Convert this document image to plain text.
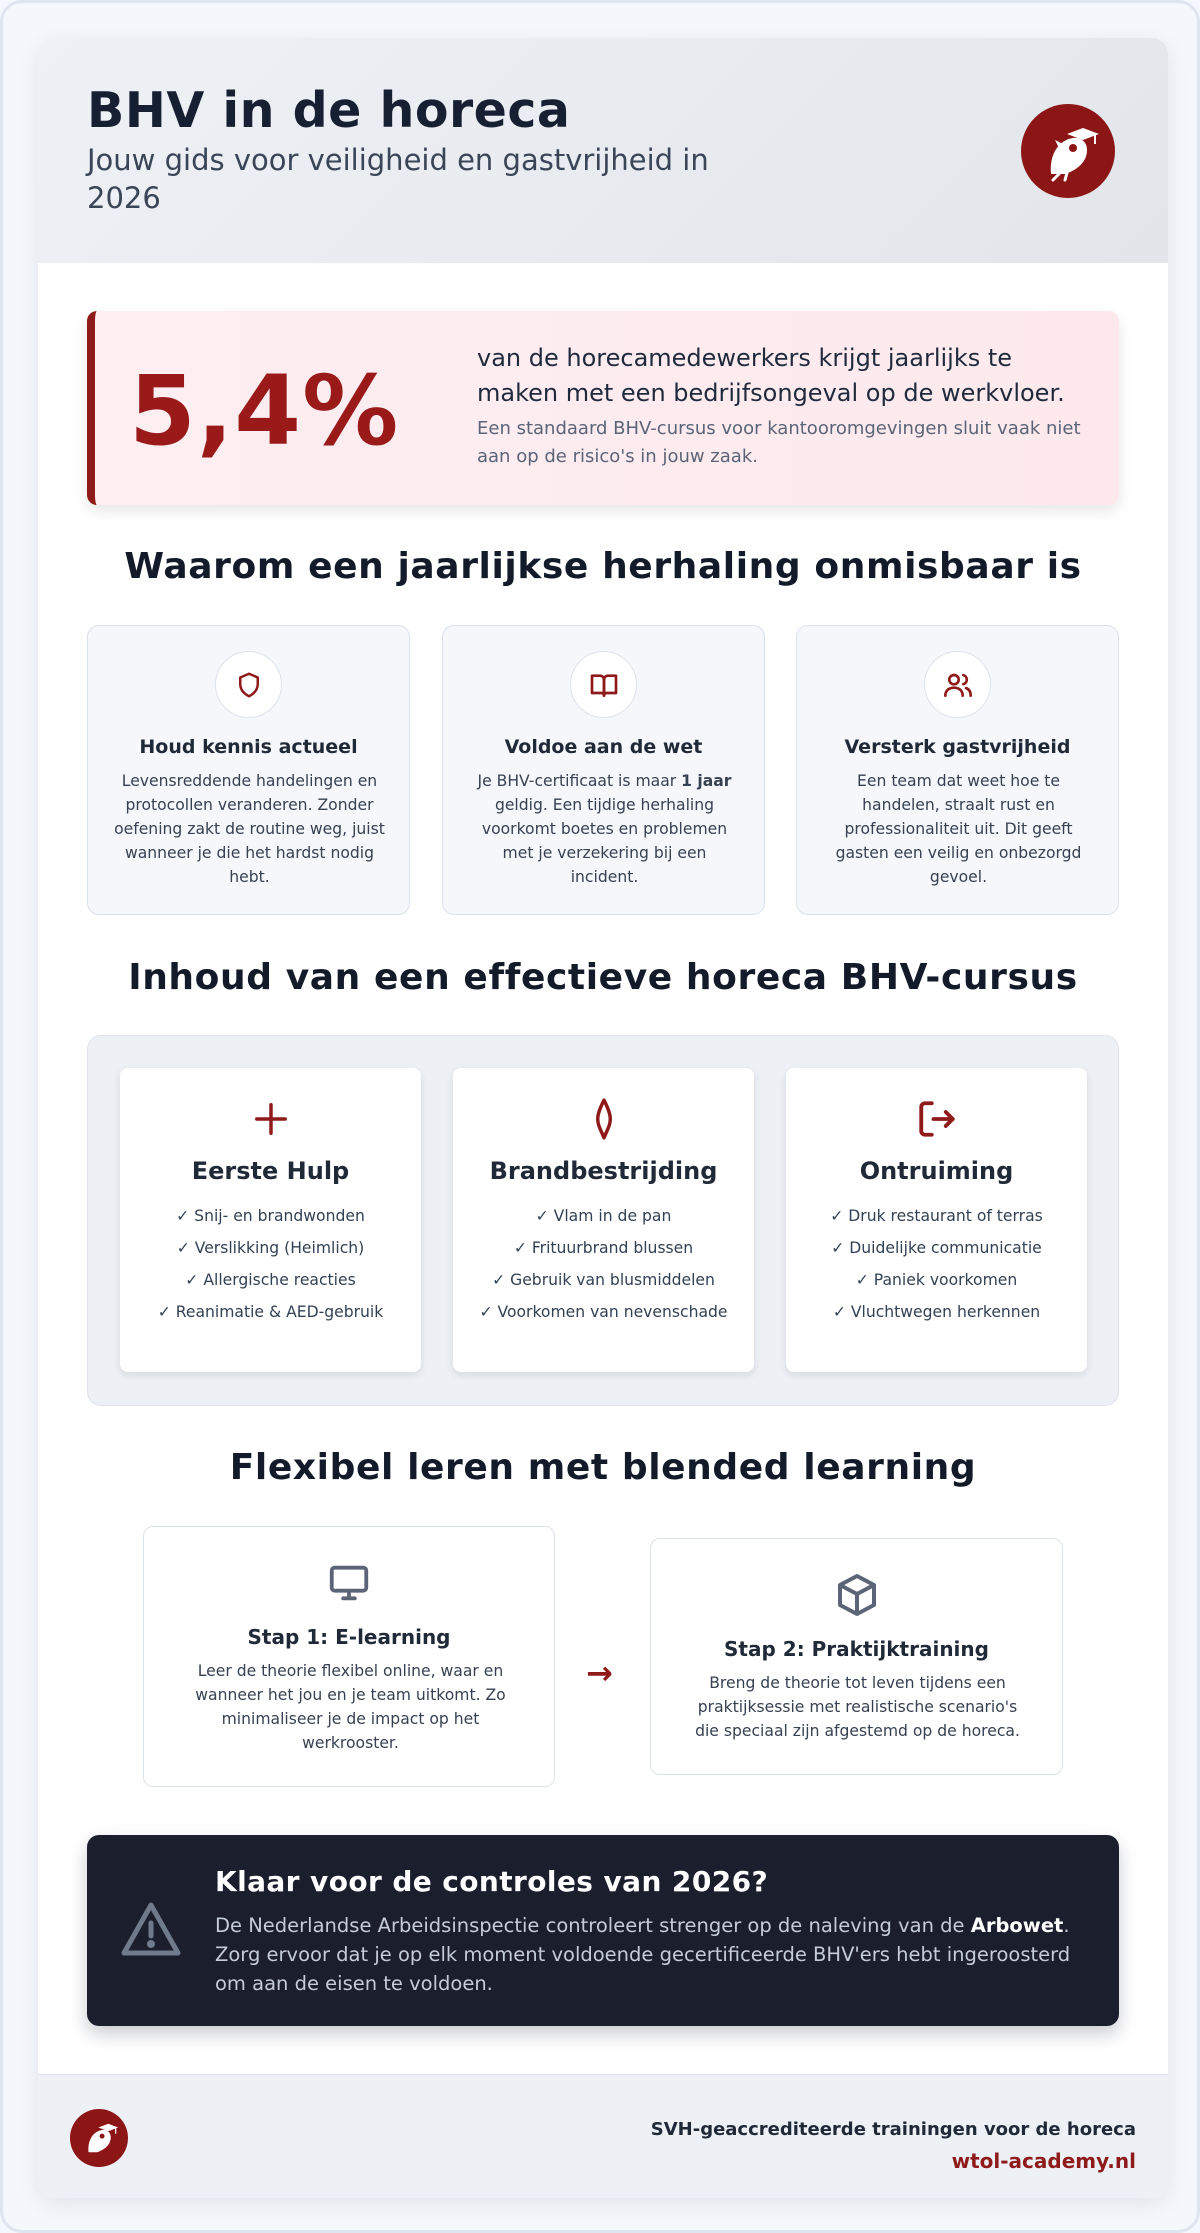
BHV in de horeca
Jouw gids voor veiligheid en gastvrijheid in 2026
5,4%	van de horecamedewerkers krijgt jaarlijks te maken met een bedrijfsongeval op de werkvloer.
Een standaard BHV-cursus voor kantooromgevingen sluit vaak niet aan op de risico's in jouw zaak.
Waarom een jaarlijkse herhaling onmisbaar is
Houd kennis actueel
Levensreddende handelingen en protocollen veranderen. Zonder oefening zakt de routine weg, juist wanneer je die het hardst nodig hebt.
Voldoe aan de wet
Je BHV-certificaat is maar 1 jaar geldig. Een tijdige herhaling voorkomt boetes en problemen met je verzekering bij een incident.
Versterk gastvrijheid
Een team dat weet hoe te handelen, straalt rust en professionaliteit uit. Dit geeft gasten een veilig en onbezorgd gevoel.
Inhoud van een effectieve horeca BHV-cursus
Eerste Hulp
✓ Snij- en brandwonden
✓ Verslikking (Heimlich)
✓ Allergische reacties
✓ Reanimatie & AED-gebruik
Brandbestrijding
✓ Vlam in de pan
✓ Frituurbrand blussen
✓ Gebruik van blusmiddelen
✓ Voorkomen van nevenschade
Ontruiming
✓ Druk restaurant of terras
✓ Duidelijke communicatie
✓ Paniek voorkomen
✓ Vluchtwegen herkennen
Flexibel leren met blended learning
Stap 1: E-learning
Leer de theorie flexibel online, waar en wanneer het jou en je team uitkomt. Zo minimaliseer je de impact op het werkrooster.
→
Stap 2: Praktijktraining
Breng de theorie tot leven tijdens een praktijksessie met realistische scenario's die speciaal zijn afgestemd op de horeca.
Klaar voor de controles van 2026?
De Nederlandse Arbeidsinspectie controleert strenger op de naleving van de Arbowet. Zorg ervoor dat je op elk moment voldoende gecertificeerde BHV'ers hebt ingeroosterd om aan de eisen te voldoen.
SVH-geaccrediteerde trainingen voor de horeca
wtol-academy.nl
